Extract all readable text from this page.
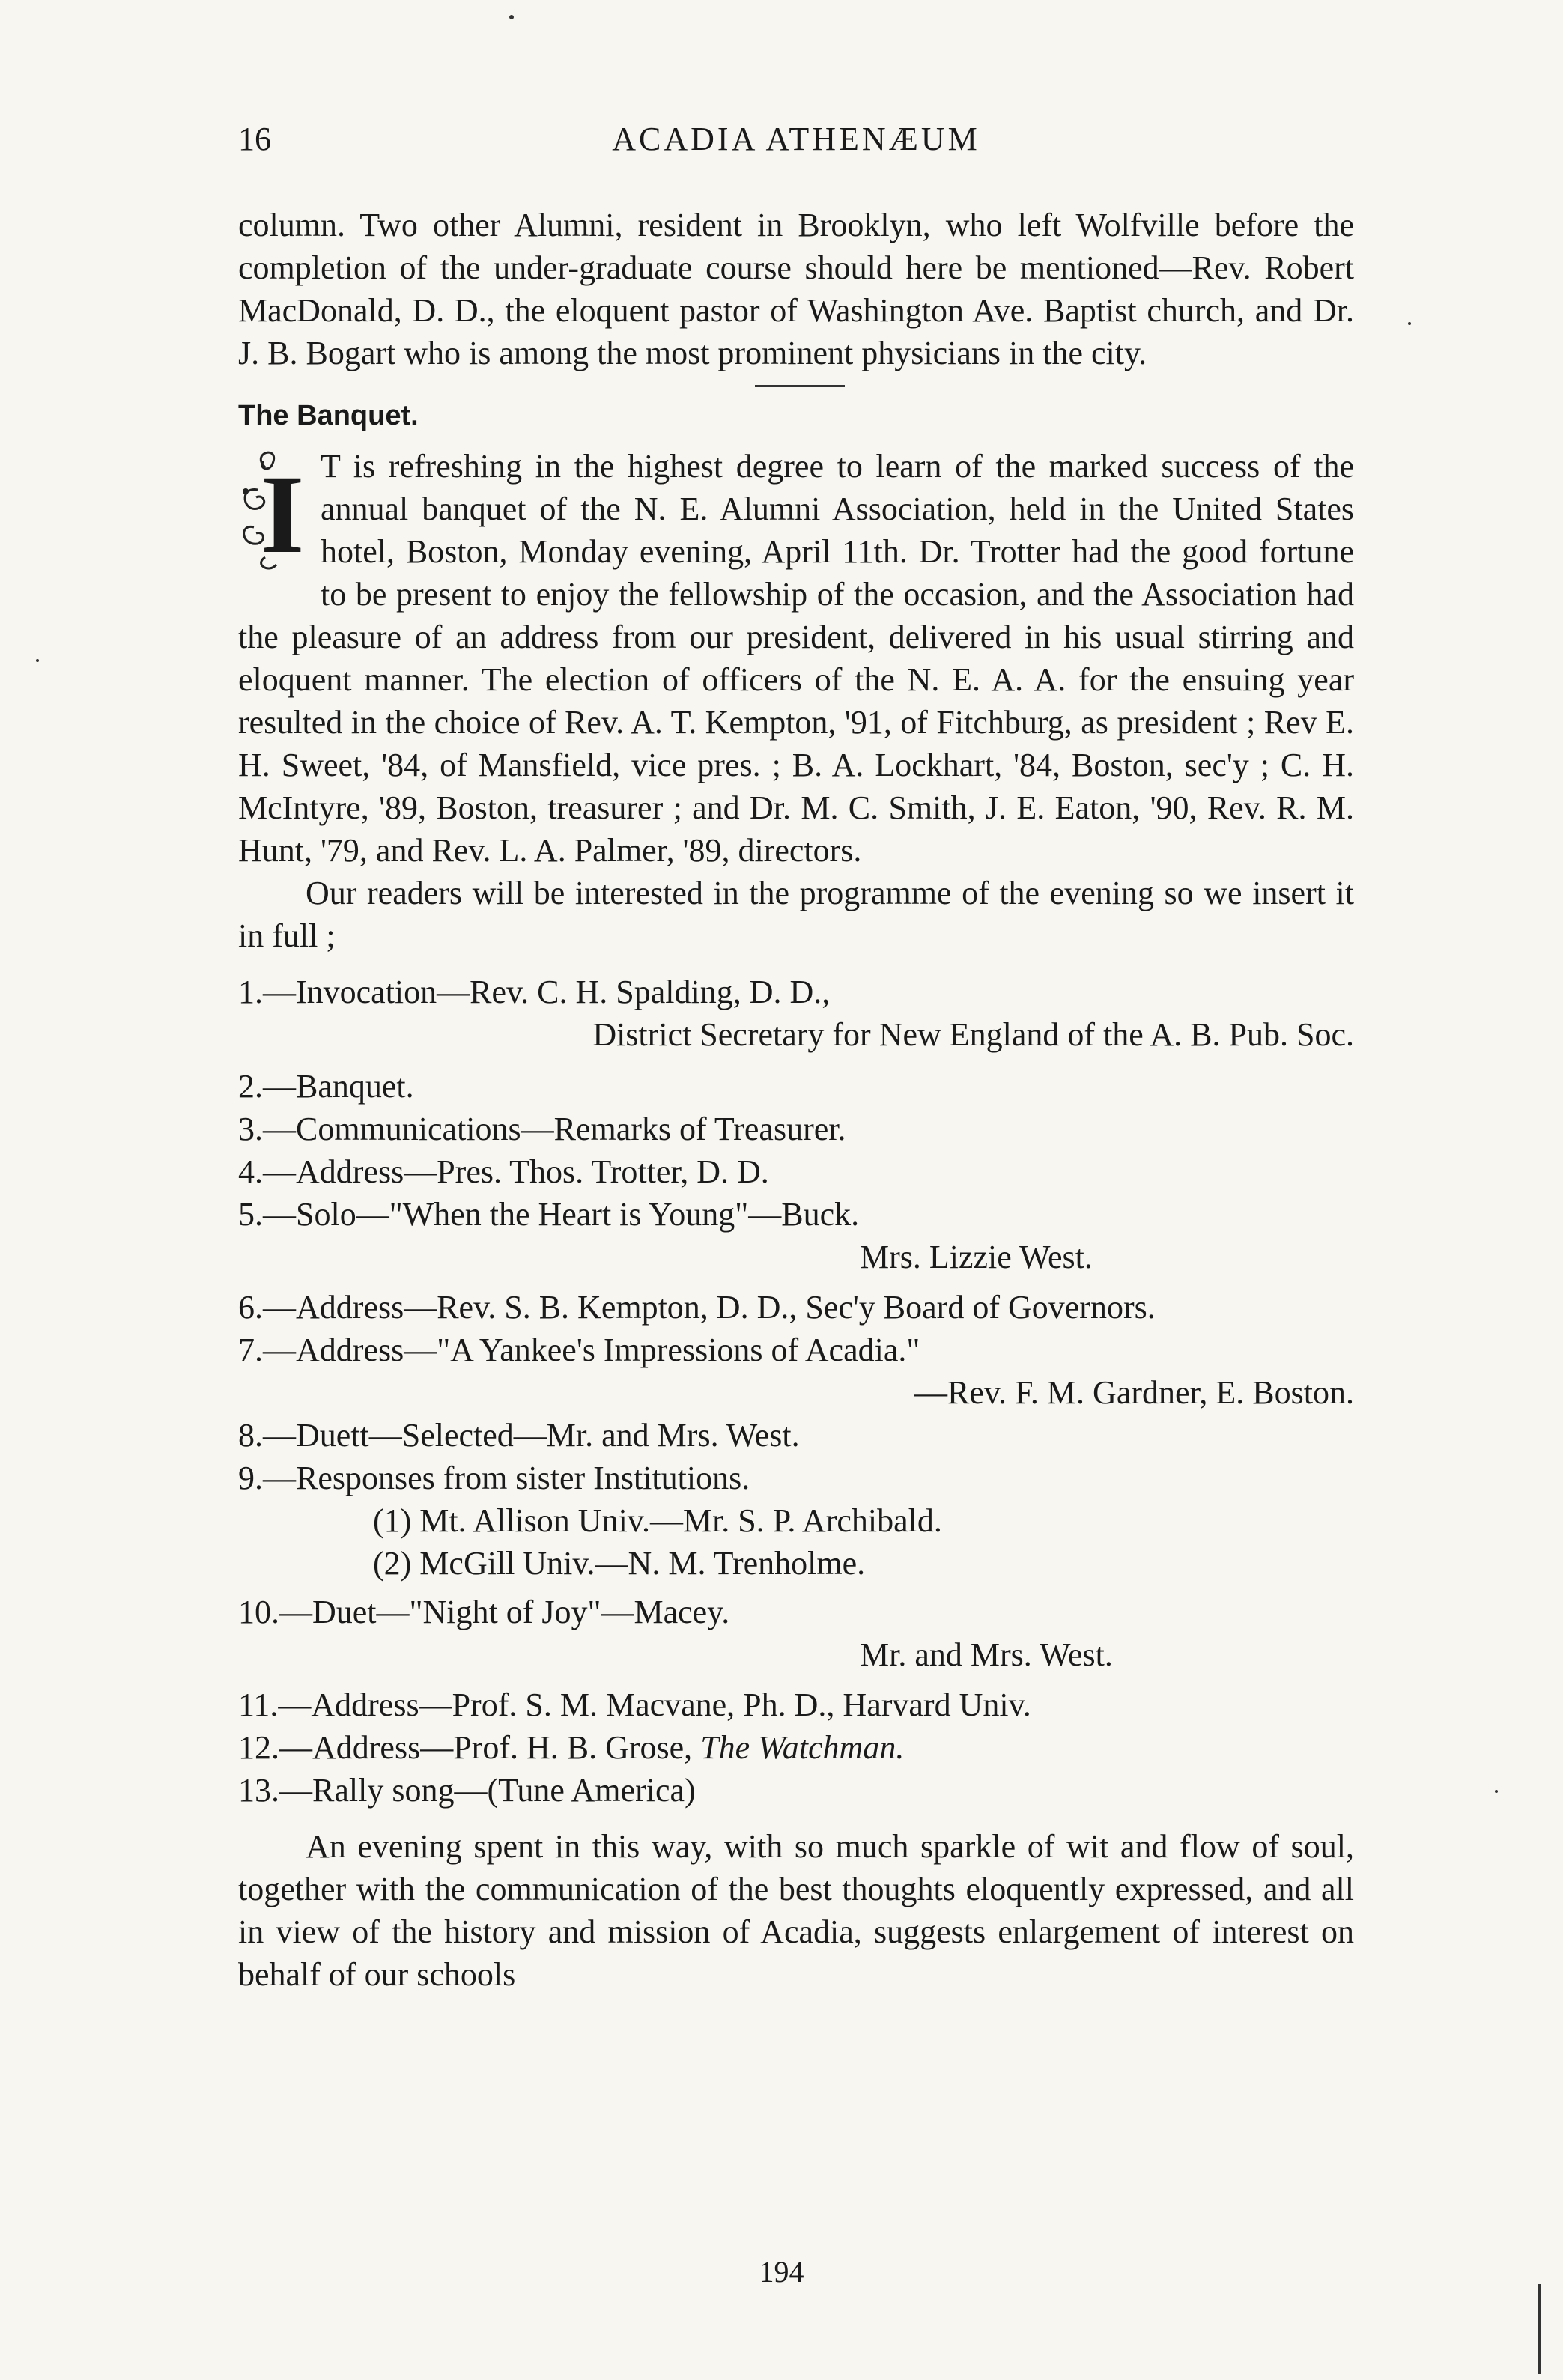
16	ACADIA ATHENÆUM

column. Two other Alumni, resident in Brooklyn, who left Wolfville before the completion of the under-graduate course should here be mentioned—Rev. Robert MacDonald, D. D., the eloquent pastor of Washington Ave. Baptist church, and Dr. J. B. Bogart who is among the most prominent physicians in the city.

The Banquet.

I T is refreshing in the highest degree to learn of the marked success of the annual banquet of the N. E. Alumni Association, held in the United States hotel, Boston, Monday evening, April 11th. Dr. Trotter had the good fortune to be present to enjoy the fellowship of the occasion, and the Association had the pleasure of an address from our president, delivered in his usual stirring and eloquent manner. The election of officers of the N. E. A. A. for the ensuing year resulted in the choice of Rev. A. T. Kempton, '91, of Fitchburg, as president ; Rev E. H. Sweet, '84, of Mansfield, vice pres. ; B. A. Lockhart, '84, Boston, sec'y ; C. H. McIntyre, '89, Boston, treasurer ; and Dr. M. C. Smith, J. E. Eaton, '90, Rev. R. M. Hunt, '79, and Rev. L. A. Palmer, '89, directors.

Our readers will be interested in the programme of the evening so we insert it in full ;

1.—Invocation—Rev. C. H. Spalding, D. D.,

District Secretary for New England of the A. B. Pub. Soc.

2.—Banquet.

3.—Communications—Remarks of Treasurer.

4.—Address—Pres. Thos. Trotter, D. D.

5.—Solo—"When the Heart is Young"—Buck.

Mrs. Lizzie West.

6.—Address—Rev. S. B. Kempton, D. D., Sec'y Board of Governors.

7.—Address—"A Yankee's Impressions of Acadia."

—Rev. F. M. Gardner, E. Boston.

8.—Duett—Selected—Mr. and Mrs. West.

9.—Responses from sister Institutions.

(1) Mt. Allison Univ.—Mr. S. P. Archibald.

(2) McGill Univ.—N. M. Trenholme.

10.—Duet—"Night of Joy"—Macey.

Mr. and Mrs. West.

11.—Address—Prof. S. M. Macvane, Ph. D., Harvard Univ.

12.—Address—Prof. H. B. Grose, The Watchman.

13.—Rally song—(Tune America)

An evening spent in this way, with so much sparkle of wit and flow of soul, together with the communication of the best thoughts eloquently expressed, and all in view of the history and mission of Acadia, suggests enlargement of interest on behalf of our schools

194
